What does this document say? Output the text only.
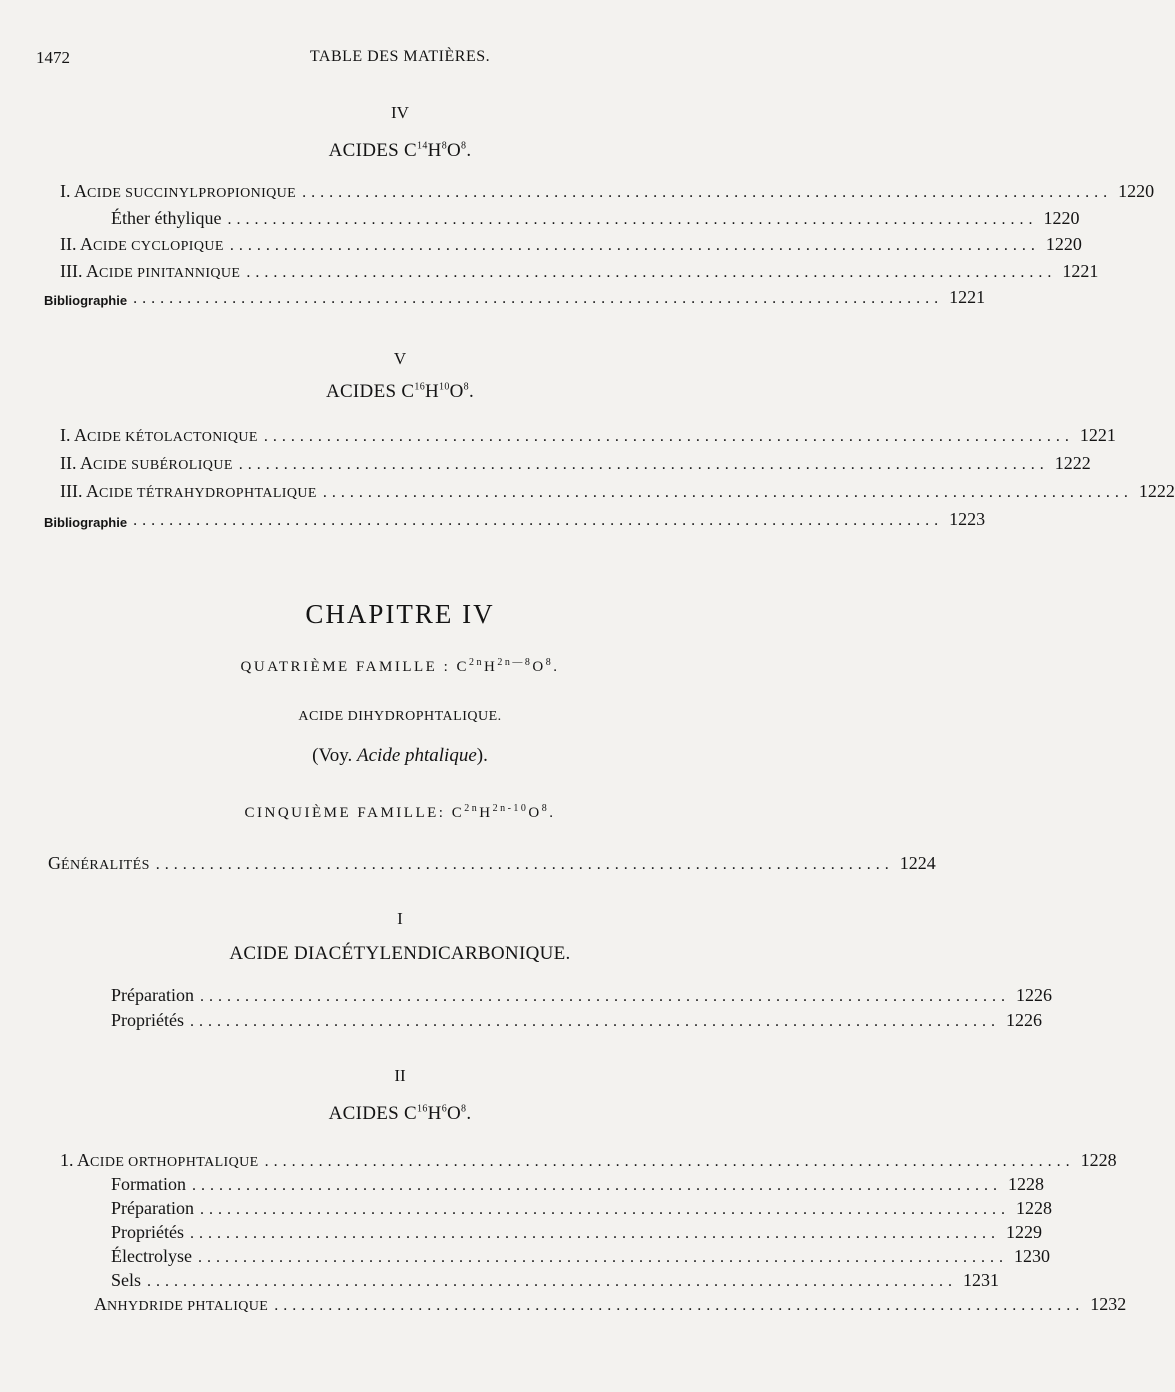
1472	TABLE DES MATIÈRES.
IV
ACIDES $C^{14}H^8O^8$.
I. ACIDE SUCCINYLPROPIONIQUE .......................................................................................... 1220
Éther éthylique .......................................................................................... 1220
II. ACIDE CYCLOPIQUE .......................................................................................... 1220
III. ACIDE PINITANNIQUE .......................................................................................... 1221
Bibliographie .......................................................................................... 1221
V
ACIDES $C^{16}H^{10}O^8$.
I. ACIDE KÉTOLACTONIQUE .......................................................................................... 1221
II. ACIDE SUBÉROLIQUE .......................................................................................... 1222
III. ACIDE TÉTRAHYDROPHTALIQUE .......................................................................................... 1222
Bibliographie .......................................................................................... 1223
CHAPITRE IV
QUATRIÈME FAMILLE : $C^{2n}H^{2n—8}O^8$.
ACIDE DIHYDROPHTALIQUE.
(Voy. Acide phtalique).
CINQUIÈME FAMILLE: $C^{2n}H^{2n-10}O^8$.
GÉNÉRALITÉS .................................................................................. 1224
I
ACIDE DIACÉTYLENDICARBONIQUE.
Préparation .......................................................................................... 1226
Propriétés .......................................................................................... 1226
II
ACIDES $C^{16}H^6O^8$.
1. ACIDE ORTHOPHTALIQUE .......................................................................................... 1228
Formation .......................................................................................... 1228
Préparation .......................................................................................... 1228
Propriétés .......................................................................................... 1229
Électrolyse .......................................................................................... 1230
Sels .......................................................................................... 1231
ANHYDRIDE PHTALIQUE .......................................................................................... 1232
